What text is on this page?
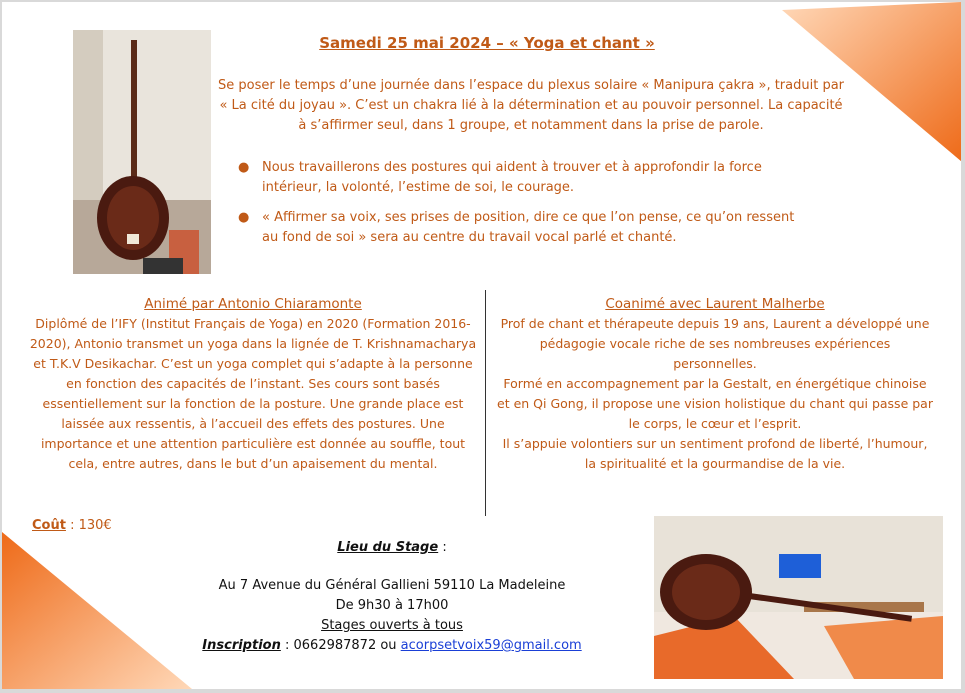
Samedi 25 mai 2024 – « Yoga et chant »
Se poser le temps d’une journée dans l’espace du plexus solaire « Manipura çakra », traduit par « La cité du joyau ». C’est un chakra lié à la détermination et au pouvoir personnel. La capacité à s’affirmer seul, dans 1 groupe, et notamment dans la prise de parole.
● Nous travaillerons des postures qui aident à trouver et à approfondir la force intérieur, la volonté, l’estime de soi, le courage.
● « Affirmer sa voix, ses prises de position, dire ce que l’on pense, ce qu’on ressent au fond de soi » sera au centre du travail vocal parlé et chanté.
Animé par Antonio Chiaramonte
Diplômé de l’IFY (Institut Français de Yoga) en 2020 (Formation 2016-2020), Antonio transmet un yoga dans la lignée de T. Krishnamacharya et T.K.V Desikachar. C’est un yoga complet qui s’adapte à la personne en fonction des capacités de l’instant. Ses cours sont basés essentiellement sur la fonction de la posture. Une grande place est laissée aux ressentis, à l’accueil des effets des postures. Une importance et une attention particulière est donnée au souffle, tout cela, entre autres, dans le but d’un apaisement du mental.
Coanimé avec Laurent Malherbe
Prof de chant et thérapeute depuis 19 ans, Laurent a développé une pédagogie vocale riche de ses nombreuses expériences personnelles.
Formé en accompagnement par la Gestalt, en énergétique chinoise et en Qi Gong, il propose une vision holistique du chant qui passe par le corps, le cœur et l’esprit.
Il s’appuie volontiers sur un sentiment profond de liberté, l’humour, la spiritualité et la gourmandise de la vie.
Coût : 130€
Lieu du Stage :
Au 7 Avenue du Général Gallieni 59110 La Madeleine
De 9h30 à 17h00
Stages ouverts à tous
Inscription : 0662987872 ou acorpsetvoix59@gmail.com
